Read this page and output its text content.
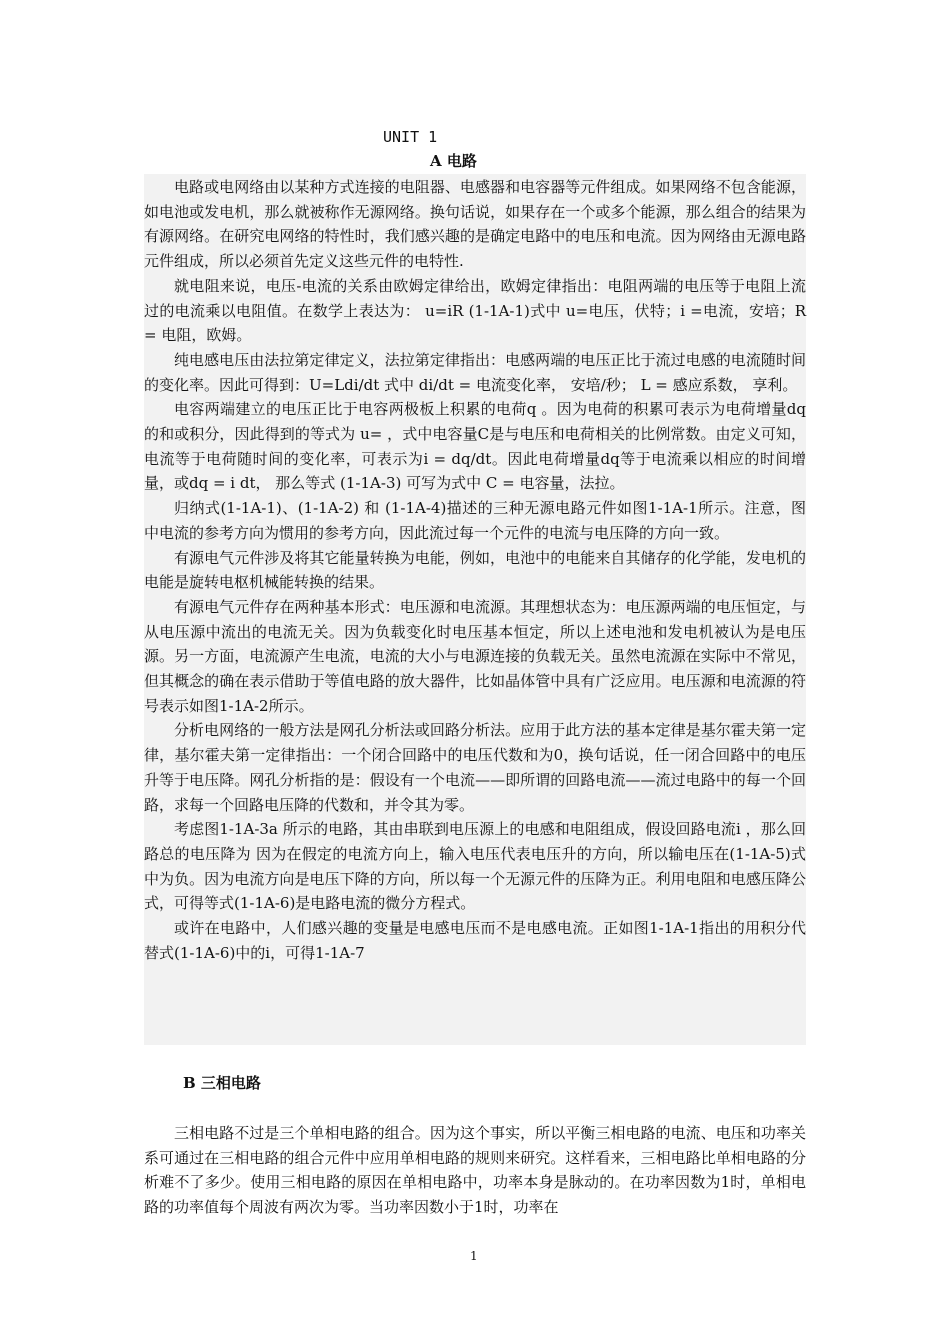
UNIT 1
A 电路

电路或电网络由以某种方式连接的电阻器、电感器和电容器等元件组成。如果网络不包含能源，如电池或发电机，那么就被称作无源网络。换句话说，如果存在一个或多个能源，那么组合的结果为有源网络。在研究电网络的特性时，我们感兴趣的是确定电路中的电压和电流。因为网络由无源电路元件组成，所以必须首先定义这些元件的电特性.

就电阻来说，电压-电流的关系由欧姆定律给出，欧姆定律指出：电阻两端的电压等于电阻上流过的电流乘以电阻值。在数学上表达为： u=iR (1-1A-1)式中 u=电压，伏特；i =电流，安培；R = 电阻，欧姆。

纯电感电压由法拉第定律定义，法拉第定律指出：电感两端的电压正比于流过电感的电流随时间的变化率。因此可得到：U=Ldi/dt 式中 di/dt = 电流变化率， 安培/秒； L = 感应系数， 享利。

电容两端建立的电压正比于电容两极板上积累的电荷q 。因为电荷的积累可表示为电荷增量dq的和或积分，因此得到的等式为 u= ，式中电容量C是与电压和电荷相关的比例常数。由定义可知，电流等于电荷随时间的变化率，可表示为i = dq/dt。因此电荷增量dq等于电流乘以相应的时间增量，或dq = i dt， 那么等式 (1-1A-3) 可写为式中 C = 电容量，法拉。

归纳式(1-1A-1)、(1-1A-2) 和 (1-1A-4)描述的三种无源电路元件如图1-1A-1所示。注意，图中电流的参考方向为惯用的参考方向，因此流过每一个元件的电流与电压降的方向一致。

有源电气元件涉及将其它能量转换为电能，例如，电池中的电能来自其储存的化学能，发电机的电能是旋转电枢机械能转换的结果。

有源电气元件存在两种基本形式：电压源和电流源。其理想状态为：电压源两端的电压恒定，与从电压源中流出的电流无关。因为负载变化时电压基本恒定，所以上述电池和发电机被认为是电压源。另一方面，电流源产生电流，电流的大小与电源连接的负载无关。虽然电流源在实际中不常见，但其概念的确在表示借助于等值电路的放大器件，比如晶体管中具有广泛应用。电压源和电流源的符号表示如图1-1A-2所示。

分析电网络的一般方法是网孔分析法或回路分析法。应用于此方法的基本定律是基尔霍夫第一定律，基尔霍夫第一定律指出：一个闭合回路中的电压代数和为0，换句话说，任一闭合回路中的电压升等于电压降。网孔分析指的是：假设有一个电流——即所谓的回路电流——流过电路中的每一个回 路，求每一个回路电压降的代数和，并令其为零。

考虑图1-1A-3a 所示的电路，其由串联到电压源上的电感和电阻组成，假设回路电流i ，那么回路总的电压降为 因为在假定的电流方向上，输入电压代表电压升的方向，所以输电压在(1-1A-5)式中为负。因为电流方向是电压下降的方向，所以每一个无源元件的压降为正。利用电阻和电感压降公式，可得等式(1-1A-6)是电路电流的微分方程式。

或许在电路中，人们感兴趣的变量是电感电压而不是电感电流。正如图1-1A-1指出的用积分代替式(1-1A-6)中的i，可得1-1A-7

B 三相电路

三相电路不过是三个单相电路的组合。因为这个事实，所以平衡三相电路的电流、电压和功率关系可通过在三相电路的组合元件中应用单相电路的规则来研究。这样看来，三相电路比单相电路的分析难不了多少。使用三相电路的原因在单相电路中，功率本身是脉动的。在功率因数为1时，单相电路的功率值每个周波有两次为零。当功率因数小于1时，功率在

1
